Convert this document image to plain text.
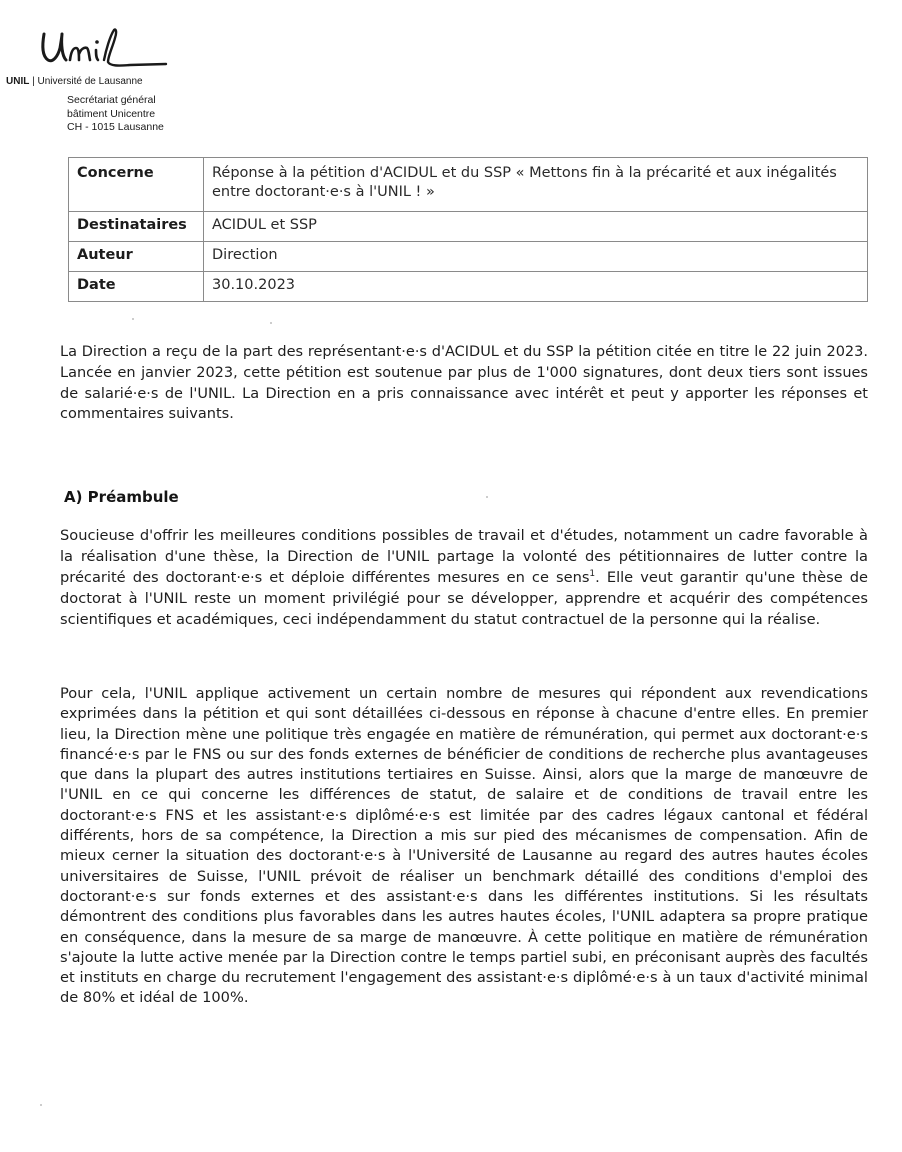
UNIL | Université de Lausanne
Secrétariat général
bâtiment Unicentre
CH - 1015 Lausanne
Concerne	Réponse à la pétition d'ACIDUL et du SSP « Mettons fin à la précarité et aux inégalités entre doctorant·e·s à l'UNIL ! »
Destinataires	ACIDUL et SSP
Auteur	Direction
Date	30.10.2023

La Direction a reçu de la part des représentant·e·s d'ACIDUL et du SSP la pétition citée en titre le 22 juin 2023. Lancée en janvier 2023, cette pétition est soutenue par plus de 1'000 signatures, dont deux tiers sont issues de salarié·e·s de l'UNIL. La Direction en a pris connaissance avec intérêt et peut y apporter les réponses et commentaires suivants.

A) Préambule

Soucieuse d'offrir les meilleures conditions possibles de travail et d'études, notamment un cadre favorable à la réalisation d'une thèse, la Direction de l'UNIL partage la volonté des pétitionnaires de lutter contre la précarité des doctorant·e·s et déploie différentes mesures en ce sens$^1$. Elle veut garantir qu'une thèse de doctorat à l'UNIL reste un moment privilégié pour se développer, apprendre et acquérir des compétences scientifiques et académiques, ceci indépendamment du statut contractuel de la personne qui la réalise.

Pour cela, l'UNIL applique activement un certain nombre de mesures qui répondent aux revendications exprimées dans la pétition et qui sont détaillées ci-dessous en réponse à chacune d'entre elles. En premier lieu, la Direction mène une politique très engagée en matière de rémunération, qui permet aux doctorant·e·s financé·e·s par le FNS ou sur des fonds externes de bénéficier de conditions de recherche plus avantageuses que dans la plupart des autres institutions tertiaires en Suisse. Ainsi, alors que la marge de manœuvre de l'UNIL en ce qui concerne les différences de statut, de salaire et de conditions de travail entre les doctorant·e·s FNS et les assistant·e·s diplômé·e·s est limitée par des cadres légaux cantonal et fédéral différents, hors de sa compétence, la Direction a mis sur pied des mécanismes de compensation. Afin de mieux cerner la situation des doctorant·e·s à l'Université de Lausanne au regard des autres hautes écoles universitaires de Suisse, l'UNIL prévoit de réaliser un benchmark détaillé des conditions d'emploi des doctorant·e·s sur fonds externes et des assistant·e·s dans les différentes institutions. Si les résultats démontrent des conditions plus favorables dans les autres hautes écoles, l'UNIL adaptera sa propre pratique en conséquence, dans la mesure de sa marge de manœuvre. À cette politique en matière de rémunération s'ajoute la lutte active menée par la Direction contre le temps partiel subi, en préconisant auprès des facultés et instituts en charge du recrutement l'engagement des assistant·e·s diplômé·e·s à un taux d'activité minimal de 80% et idéal de 100%.
